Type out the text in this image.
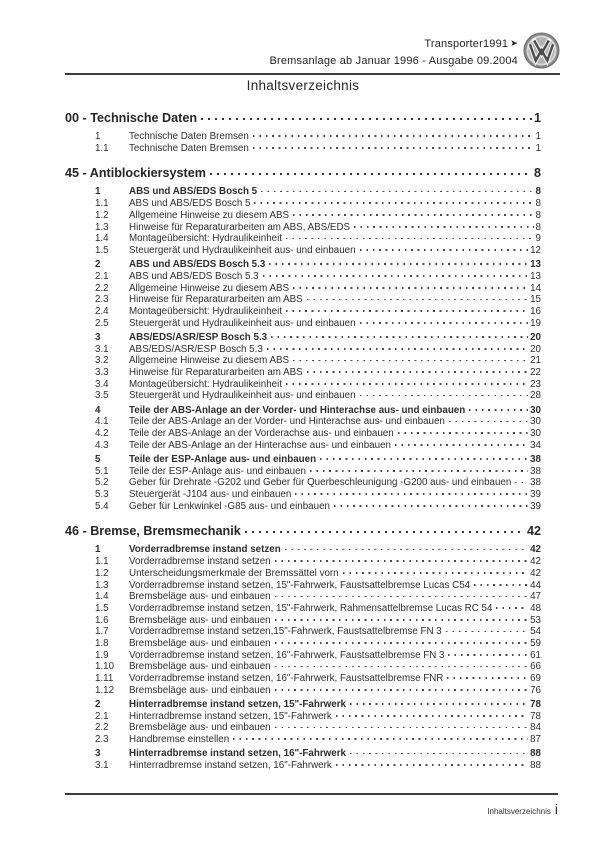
Transporter1991 ➤
Bremsanlage ab Januar 1996 - Ausgabe 09.2004
Inhaltsverzeichnis
00 - Technische Daten	1
1	Technische Daten Bremsen	1
1.1	Technische Daten Bremsen	1
45 - Antiblockiersystem	8
1	ABS und ABS/EDS Bosch 5	8
1.1	ABS und ABS/EDS Bosch 5	8
1.2	Allgemeine Hinweise zu diesem ABS	8
1.3	Hinweise für Reparaturarbeiten am ABS, ABS/EDS	8
1.4	Montageübersicht: Hydraulikeinheit	9
1.5	Steuergerät und Hydraulikeinheit aus- und einbauen	12
2	ABS und ABS/EDS Bosch 5.3	13
2.1	ABS und ABS/EDS Bosch 5.3	13
2.2	Allgemeine Hinweise zu diesem ABS	14
2.3	Hinweise für Reparaturarbeiten am ABS	15
2.4	Montageübersicht: Hydraulikeinheit	16
2.5	Steuergerät und Hydraulikeinheit aus- und einbauen	19
3	ABS/EDS/ASR/ESP Bosch 5.3	20
3.1	ABS/EDS/ASR/ESP Bosch 5.3	20
3.2	Allgemeine Hinweise zu diesem ABS	21
3.3	Hinweise für Reparaturarbeiten am ABS	22
3.4	Montageübersicht: Hydraulikeinheit	23
3.5	Steuergerät und Hydraulikeinheit aus- und einbauen	28
4	Teile der ABS-Anlage an der Vorder- und Hinterachse aus- und einbauen	30
4.1	Teile der ABS-Anlage an der Vorder- und Hinterachse aus- und einbauen	30
4.2	Teile der ABS-Anlage an der Vorderachse aus- und einbauen	30
4.3	Teile der ABS-Anlage an der Hinterachse aus- und einbauen	34
5	Teile der ESP-Anlage aus- und einbauen	38
5.1	Teile der ESP-Anlage aus- und einbauen	38
5.2	Geber für Drehrate -G202 und Geber für Querbeschleunigung -G200 aus- und einbauen 38
5.3	Steuergerät -J104 aus- und einbauen	39
5.4	Geber für Lenkwinkel -G85 aus- und einbauen	39
46 - Bremse, Bremsmechanik	42
1	Vorderradbremse instand setzen	42
1.1	Vorderradbremse instand setzen	42
1.2	Unterscheidungsmerkmale der Bremssättel vorn	42
1.3	Vorderradbremse instand setzen, 15"-Fahrwerk, Faustsattelbremse Lucas C54	44
1.4	Bremsbeläge aus- und einbauen	47
1.5	Vorderradbremse instand setzen, 15"-Fahrwerk, Rahmensattelbremse Lucas RC 54	48
1.6	Bremsbeläge aus- und einbauen	53
1.7	Vorderradbremse instand setzen,15"-Fahrwerk, Faustsattelbremse FN 3	54
1.8	Bremsbeläge aus- und einbauen	59
1.9	Vorderradbremse instand setzen, 16"-Fahrwerk, Faustsattelbremse FN 3	61
1.10	Bremsbeläge aus- und einbauen	66
1.11	Vorderradbremse instand setzen, 16"-Fahrwerk, Faustsattelbremse FNR	69
1.12	Bremsbeläge aus- und einbauen	76
2	Hinterradbremse instand setzen, 15"-Fahrwerk	78
2.1	Hinterradbremse instand setzen, 15"-Fahrwerk	78
2.2	Bremsbeläge aus- und einbauen	84
2.3	Handbremse einstellen	87
3	Hinterradbremse instand setzen, 16"-Fahrwerk	88
3.1	Hinterradbremse instand setzen, 16"-Fahrwerk	88
Inhaltsverzeichnis i
